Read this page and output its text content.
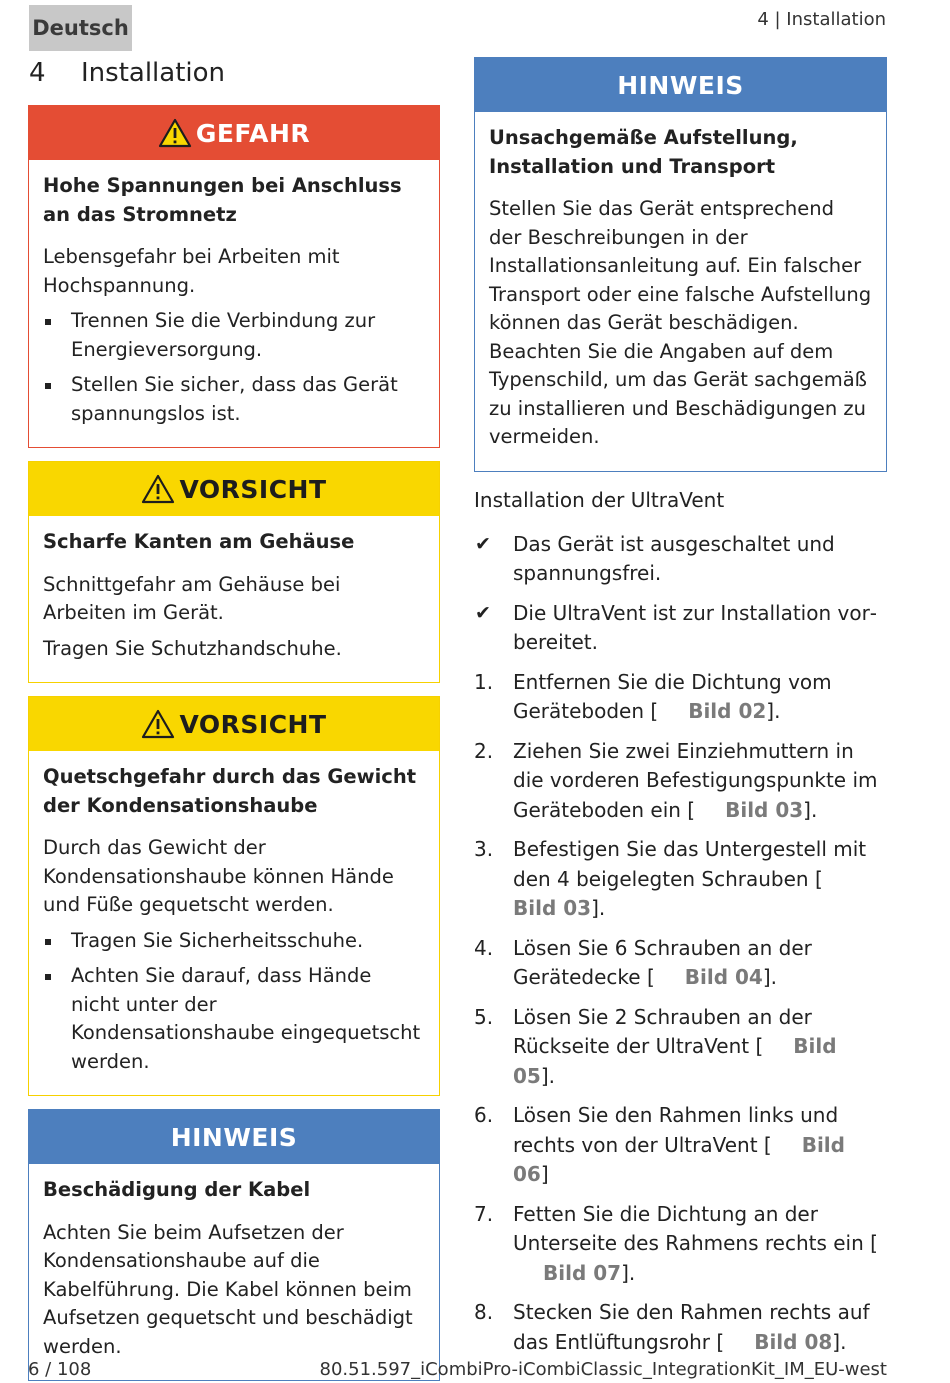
Deutsch	4 | Installation
4 Installation
GEFAHR
Hohe Spannungen bei Anschluss an das Stromnetz

Lebensgefahr bei Arbeiten mit Hochspannung.

Trennen Sie die Verbindung zur Energieversorgung.
Stellen Sie sicher, dass das Gerät spannungslos ist.
VORSICHT
Scharfe Kanten am Gehäuse

Schnittgefahr am Gehäuse bei Arbeiten im Gerät.

Tragen Sie Schutzhandschuhe.

VORSICHT
Quetschgefahr durch das Gewicht der Kondensationshaube

Durch das Gewicht der Kondensationshaube können Hände und Füße gequetscht werden.

Tragen Sie Sicherheitsschuhe.
Achten Sie darauf, dass Hände nicht unter der Kondensationshaube eingequetscht werden.
HINWEIS
Beschädigung der Kabel

Achten Sie beim Aufsetzen der Kondensationshaube auf die Kabelführung. Die Kabel können beim Aufsetzen gequetscht und beschädigt werden.

HINWEIS
Unsachgemäße Aufstellung, Installation und Transport

Stellen Sie das Gerät entsprechend der Beschreibungen in der Installationsanleitung auf. Ein falscher Transport oder eine falsche Aufstellung können das Gerät beschädigen. Beachten Sie die Angaben auf dem Typenschild, um das Gerät sachgemäß zu installieren und Beschädigungen zu vermeiden.

Installation der UltraVent
✔	Das Gerät ist ausgeschaltet und spannungsfrei.
✔	Die UltraVent ist zur Installation vorbereitet.
1. Entfernen Sie die Dichtung vom Geräteboden [ Bild 02].
2. Ziehen Sie zwei Einziehmuttern in die vorderen Befestigungspunkte im Geräteboden ein [ Bild 03].
3. Befestigen Sie das Untergestell mit den 4 beigelegten Schrauben [Bild 03].
4. Lösen Sie 6 Schrauben an der Gerätedecke [ Bild 04].
5. Lösen Sie 2 Schrauben an der Rückseite der UltraVent [ Bild 05].
6. Lösen Sie den Rahmen links und rechts von der UltraVent [ Bild 06]
7. Fetten Sie die Dichtung an der Unterseite des Rahmens rechts ein [Bild 07].
8. Stecken Sie den Rahmen rechts auf das Entlüftungsrohr [ Bild 08].
6 / 108	80.51.597_iCombiPro-iCombiClassic_IntegrationKit_IM_EU-west
